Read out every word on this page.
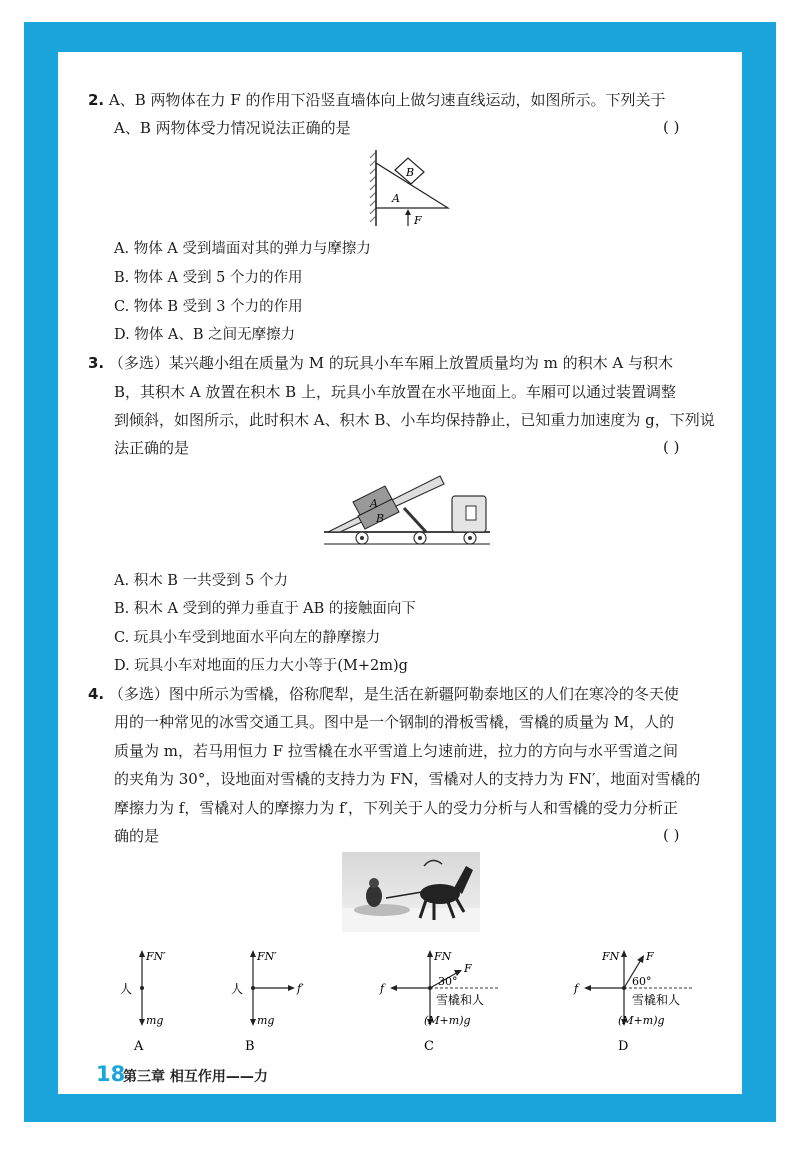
2. A、B 两物体在力 F 的作用下沿竖直墙体向上做匀速直线运动，如图所示。下列关于
A、B 两物体受力情况说法正确的是	( )
B
A
F
A. 物体 A 受到墙面对其的弹力与摩擦力
B. 物体 A 受到 5 个力的作用
C. 物体 B 受到 3 个力的作用
D. 物体 A、B 之间无摩擦力
3. （多选）某兴趣小组在质量为 M 的玩具小车车厢上放置质量均为 m 的积木 A 与积木
B，其积木 A 放置在积木 B 上，玩具小车放置在水平地面上。车厢可以通过装置调整
到倾斜，如图所示，此时积木 A、积木 B、小车均保持静止，已知重力加速度为 g，下列说
法正确的是	( )
A
B
A. 积木 B 一共受到 5 个力
B. 积木 A 受到的弹力垂直于 AB 的接触面向下
C. 玩具小车受到地面水平向左的静摩擦力
D. 玩具小车对地面的压力大小等于(M+2m)g
4. （多选）图中所示为雪橇，俗称爬犁，是生活在新疆阿勒泰地区的人们在寒冷的冬天使
用的一种常见的冰雪交通工具。图中是一个钢制的滑板雪橇，雪橇的质量为 M，人的
质量为 m，若马用恒力 F 拉雪橇在水平雪道上匀速前进，拉力的方向与水平雪道之间
的夹角为 30°，设地面对雪橇的支持力为 FN，雪橇对人的支持力为 FN′，地面对雪橇的
摩擦力为 f，雪橇对人的摩擦力为 f′，下列关于人的受力分析与人和雪橇的受力分析正
确的是	( )
FN′
人
mg
A
FN′
人	f′
mg
B
FN
F
30°
f
雪橇和人
(M+m)g
C
FN F
60°
f
雪橇和人
(M+m)g
D
18
第三章 相互作用——力
